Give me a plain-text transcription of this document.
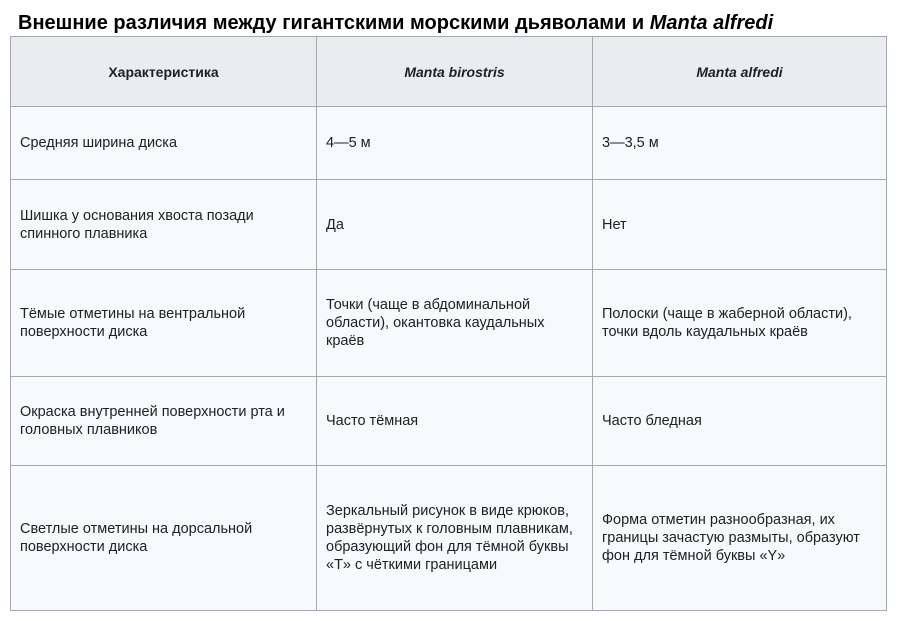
Внешние различия между гигантскими морскими дьяволами и Manta alfredi
Характеристика	Manta birostris	Manta alfredi
Средняя ширина диска	4—5 м	3—3,5 м
Шишка у основания хвоста позади спинного плавника	Да	Нет
Тёмые отметины на вентральной поверхности диска	Точки (чаще в абдоминальной области), окантовка каудальных краёв	Полоски (чаще в жаберной области), точки вдоль каудальных краёв
Окраска внутренней поверхности рта и головных плавников	Часто тёмная	Часто бледная
Светлые отметины на дорсальной поверхности диска	Зеркальный рисунок в виде крюков, развёрнутых к головным плавникам, образующий фон для тёмной буквы «T» с чёткими границами	Форма отметин разнообразная, их границы зачастую размыты, образуют фон для тёмной буквы «Y»
